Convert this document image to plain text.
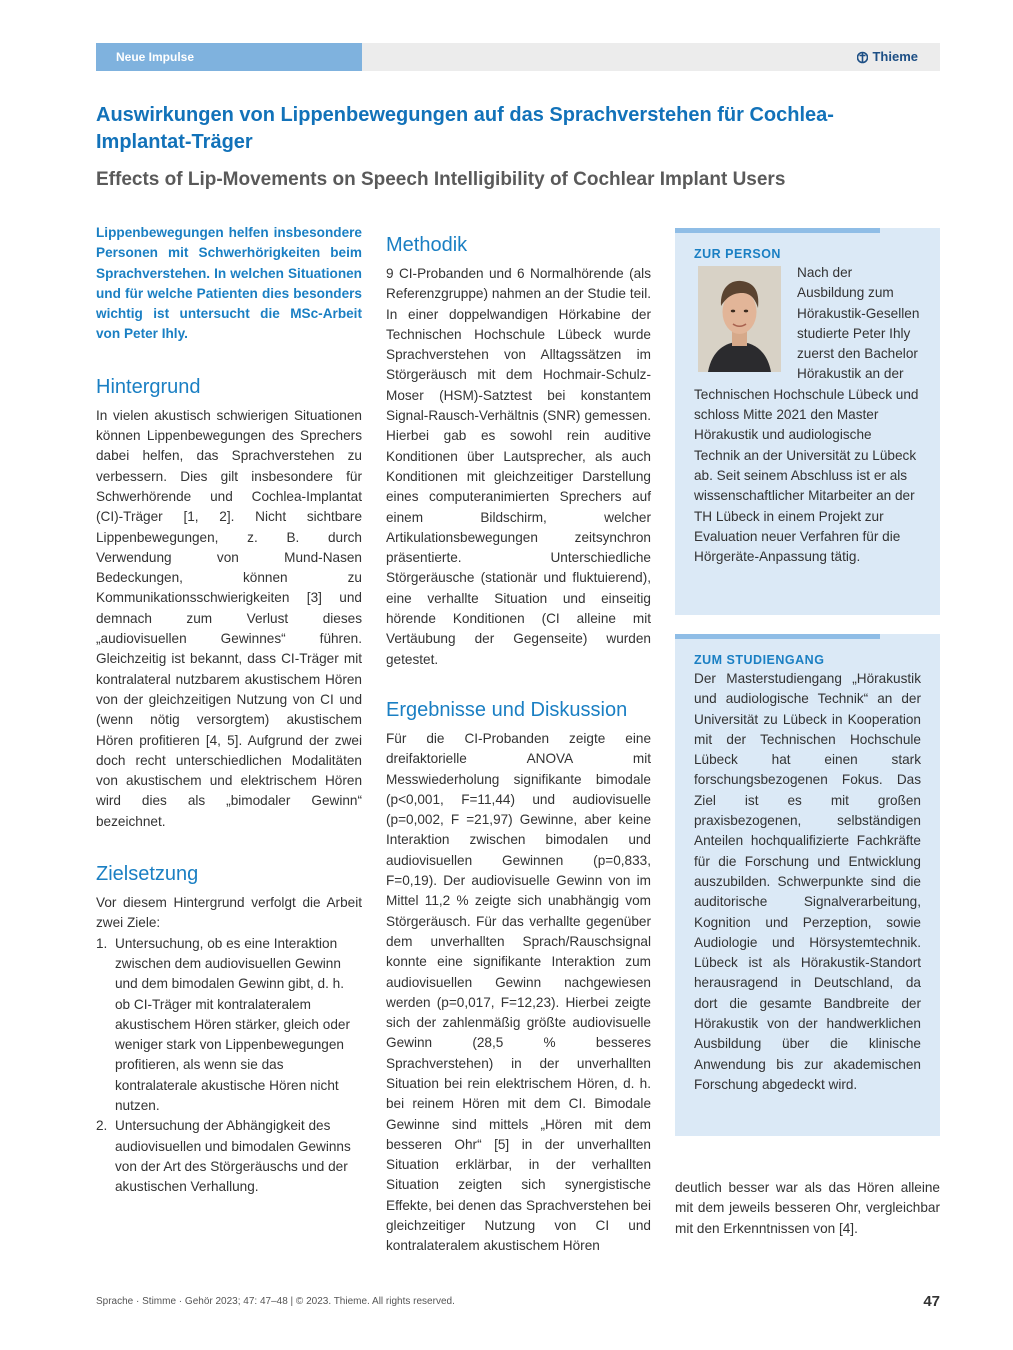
Neue Impulse	Thieme
Auswirkungen von Lippenbewegungen auf das Sprachverstehen für Cochlea-Implantat-Träger
Effects of Lip-Movements on Speech Intelligibility of Cochlear Implant Users

Lippenbewegungen helfen insbesondere Personen mit Schwerhörigkeiten beim Sprachverstehen. In welchen Situationen und für welche Patienten dies besonders wichtig ist untersucht die MSc-Arbeit von Peter Ihly.

Hintergrund

In vielen akustisch schwierigen Situationen können Lippenbewegungen des Sprechers dabei helfen, das Sprachverstehen zu verbessern. Dies gilt insbesondere für Schwerhörende und Cochlea-Implantat (CI)-Träger [1, 2]. Nicht sichtbare Lippenbewegungen, z. B. durch Verwendung von Mund-Nasen Bedeckungen, können zu Kommunikationsschwierigkeiten [3] und demnach zum Verlust dieses „audiovisuellen Gewinnes“ führen. Gleichzeitig ist bekannt, dass CI-Träger mit kontralateral nutzbarem akustischem Hören von der gleichzeitigen Nutzung von CI und (wenn nötig versorgtem) akustischem Hören profitieren [4, 5]. Aufgrund der zwei doch recht unterschiedlichen Modalitäten von akustischem und elektrischem Hören wird dies als „bimodaler Gewinn“ bezeichnet.

Zielsetzung

Vor diesem Hintergrund verfolgt die Arbeit zwei Ziele:

1. Untersuchung, ob es eine Interaktion zwischen dem audiovisuellen Gewinn und dem bimodalen Gewinn gibt, d. h. ob CI-Träger mit kontralateralem akustischem Hören stärker, gleich oder weniger stark von Lippenbewegungen profitieren, als wenn sie das kontralaterale akustische Hören nicht nutzen.
2. Untersuchung der Abhängigkeit des audiovisuellen und bimodalen Gewinns von der Art des Störgeräuschs und der akustischen Verhallung.
Methodik

9 CI-Probanden und 6 Normalhörende (als Referenzgruppe) nahmen an der Studie teil. In einer doppelwandigen Hörkabine der Technischen Hochschule Lübeck wurde Sprachverstehen von Alltagssätzen im Störgeräusch mit dem Hochmair-Schulz-Moser (HSM)-Satztest bei konstantem Signal-Rausch-Verhältnis (SNR) gemessen. Hierbei gab es sowohl rein auditive Konditionen über Lautsprecher, als auch Konditionen mit gleichzeitiger Darstellung eines computeranimierten Sprechers auf einem Bildschirm, welcher Artikulationsbewegungen zeitsynchron präsentierte. Unterschiedliche Störgeräusche (stationär und fluktuierend), eine verhallte Situation und einseitig hörende Konditionen (CI alleine mit Vertäubung der Gegenseite) wurden getestet.

Ergebnisse und Diskussion

Für die CI-Probanden zeigte eine dreifaktorielle ANOVA mit Messwiederholung signifikante bimodale (p<0,001, F=11,44) und audiovisuelle (p=0,002, F =21,97) Gewinne, aber keine Interaktion zwischen bimodalen und audiovisuellen Gewinnen (p=0,833, F=0,19). Der audiovisuelle Gewinn von im Mittel 11,2 % zeigte sich unabhängig vom Störgeräusch. Für das verhallte gegenüber dem unverhallten Sprach/Rauschsignal konnte eine signifikante Interaktion zum audiovisuellen Gewinn nachgewiesen werden (p=0,017, F=12,23). Hierbei zeigte sich der zahlenmäßig größte audiovisuelle Gewinn (28,5 % besseres Sprachverstehen) in der unverhallten Situation bei rein elektrischem Hören, d. h. bei reinem Hören mit dem CI. Bimodale Gewinne sind mittels „Hören mit dem besseren Ohr“ [5] in der unverhallten Situation erklärbar, in der verhallten Situation zeigten sich synergistische Effekte, bei denen das Sprachverstehen bei gleichzeitiger Nutzung von CI und kontralateralem akustischem Hören

ZUR PERSON

Nach der Ausbildung zum Hörakustik-Gesellen studierte Peter Ihly zuerst den Bachelor Hörakustik an der Technischen Hochschule Lübeck und schloss Mitte 2021 den Master Hörakustik und audiologische Technik an der Universität zu Lübeck ab. Seit seinem Abschluss ist er als wissenschaftlicher Mitarbeiter an der TH Lübeck in einem Projekt zur Evaluation neuer Verfahren für die Hörgeräte-Anpassung tätig.

ZUM STUDIENGANG

Der Masterstudiengang „Hörakustik und audiologische Technik“ an der Universität zu Lübeck in Kooperation mit der Technischen Hochschule Lübeck hat einen stark forschungsbezogenen Fokus. Das Ziel ist es mit großen praxisbezogenen, selbständigen Anteilen hochqualifizierte Fachkräfte für die Forschung und Entwicklung auszubilden. Schwerpunkte sind die auditorische Signalverarbeitung, Kognition und Perzeption, sowie Audiologie und Hörsystemtechnik. Lübeck ist als Hörakustik-Standort herausragend in Deutschland, da dort die gesamte Bandbreite der Hörakustik von der handwerklichen Ausbildung über die klinische Anwendung bis zur akademischen Forschung abgedeckt wird.

deutlich besser war als das Hören alleine mit dem jeweils besseren Ohr, vergleichbar mit den Erkenntnissen von [4].

Sprache · Stimme · Gehör 2023; 47: 47–48 | © 2023. Thieme. All rights reserved.	47
